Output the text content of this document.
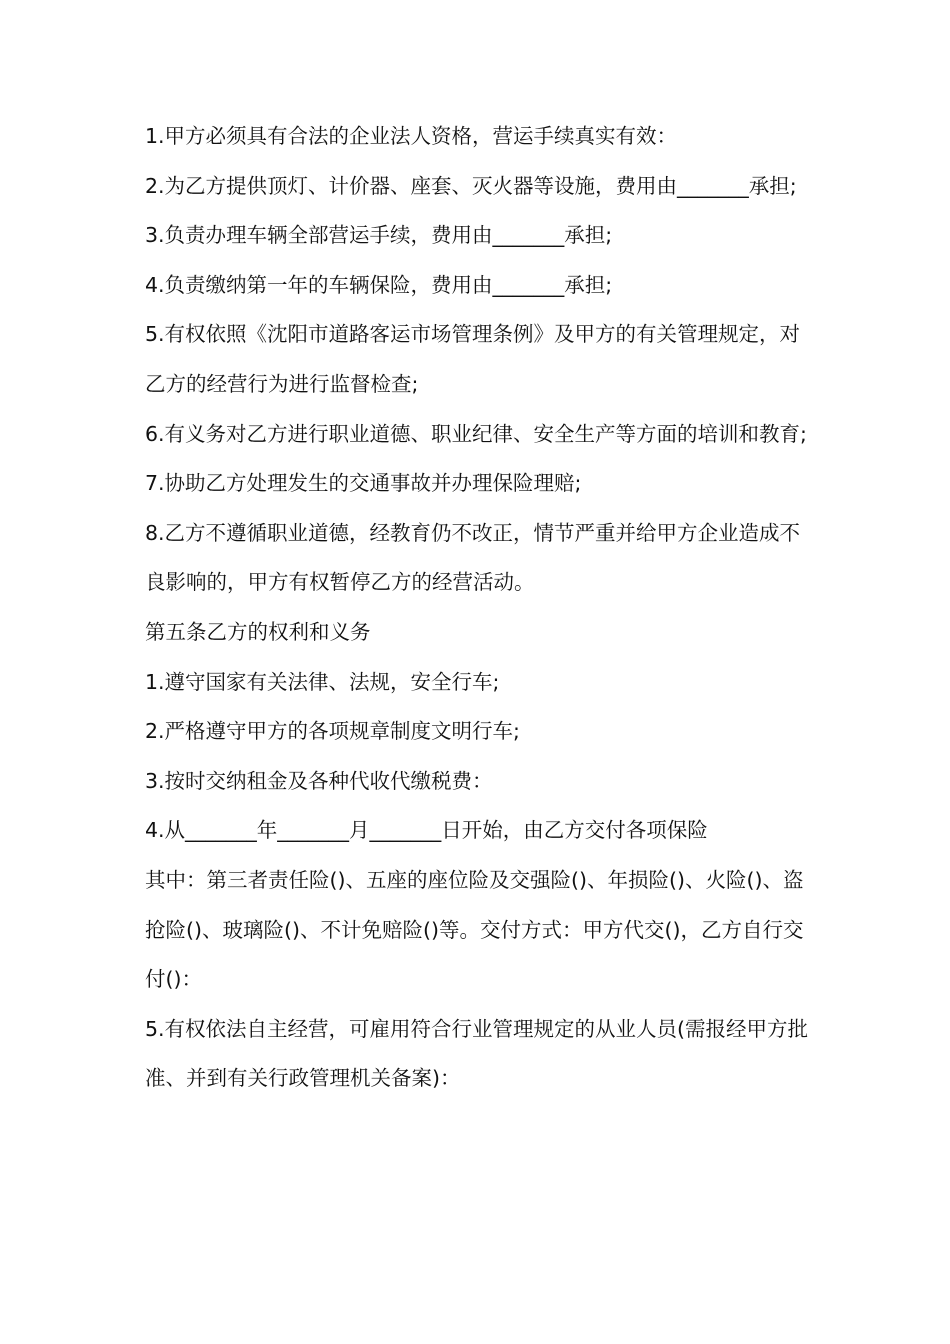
1.甲方必须具有合法的企业法人资格，营运手续真实有效：

2.为乙方提供顶灯、计价器、座套、灭火器等设施，费用由_______承担;

3.负责办理车辆全部营运手续，费用由_______承担;

4.负责缴纳第一年的车辆保险，费用由_______承担;

5.有权依照《沈阳市道路客运市场管理条例》及甲方的有关管理规定，对乙方的经营行为进行监督检查;

6.有义务对乙方进行职业道德、职业纪律、安全生产等方面的培训和教育;

7.协助乙方处理发生的交通事故并办理保险理赔;

8.乙方不遵循职业道德，经教育仍不改正，情节严重并给甲方企业造成不良影响的，甲方有权暂停乙方的经营活动。

第五条乙方的权利和义务

1.遵守国家有关法律、法规，安全行车;

2.严格遵守甲方的各项规章制度文明行车;

3.按时交纳租金及各种代收代缴税费：

4.从_______年_______月_______日开始，由乙方交付各项保险

其中：第三者责任险()、五座的座位险及交强险()、年损险()、火险()、盗抢险()、玻璃险()、不计免赔险()等。交付方式：甲方代交()，乙方自行交付()：

5.有权依法自主经营，可雇用符合行业管理规定的从业人员(需报经甲方批准、并到有关行政管理机关备案)：
